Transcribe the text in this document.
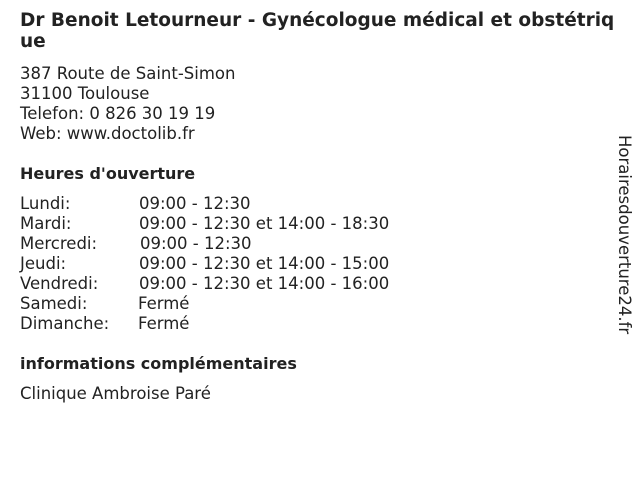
Dr Benoit Letourneur - Gynécologue médical et obstétrique
387 Route de Saint-Simon
31100 Toulouse
Telefon: 0 826 30 19 19
Web: www.doctolib.fr
Heures d'ouverture
Lundi:	09:00 - 12:30
Mardi:	09:00 - 12:30 et 14:00 - 18:30
Mercredi:	09:00 - 12:30
Jeudi:	09:00 - 12:30 et 14:00 - 15:00
Vendredi: 09:00 - 12:30 et 14:00 - 16:00
Samedi:	Fermé
Dimanche: Fermé
informations complémentaires
Clinique Ambroise Paré
Horairesdouverture24.fr
